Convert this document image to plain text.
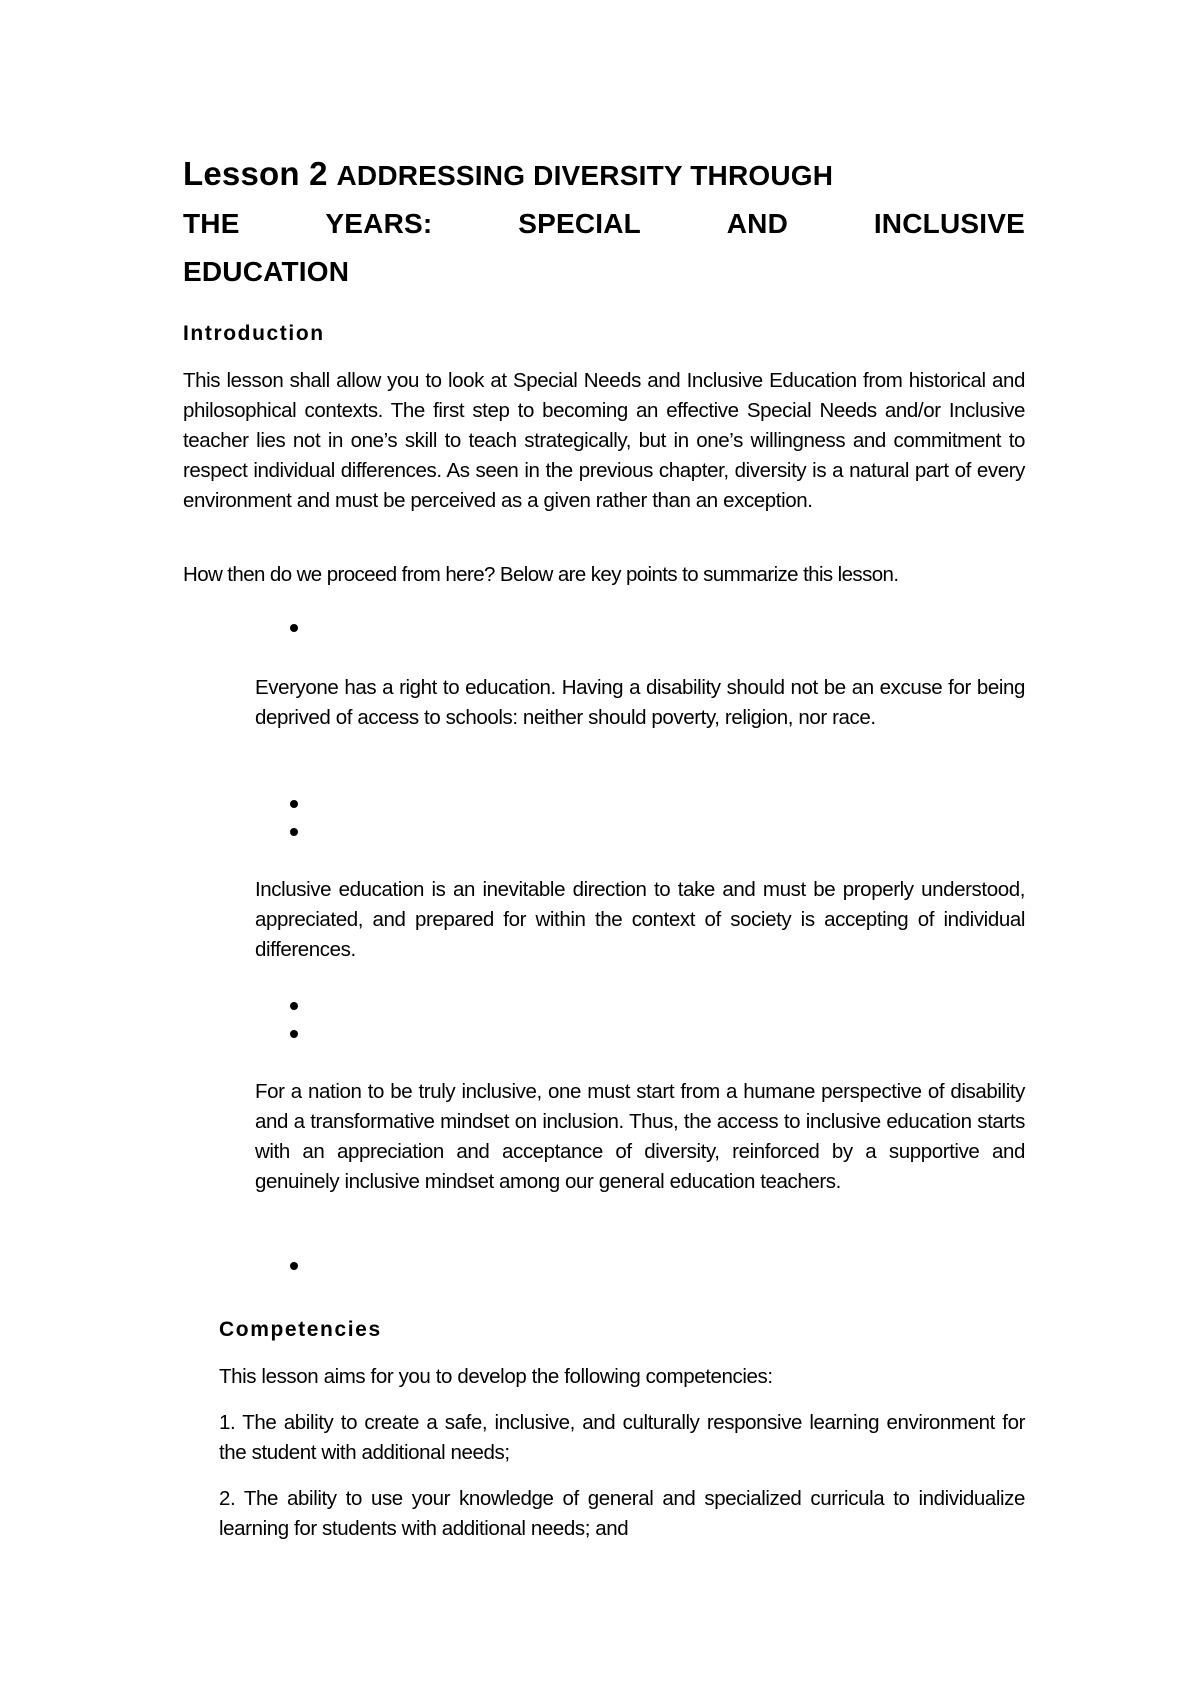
Lesson 2 ADDRESSING DIVERSITY THROUGH
THE	YEARS:	SPECIAL	AND	INCLUSIVE
EDUCATION
Introduction
This lesson shall allow you to look at Special Needs and Inclusive Education from historical and philosophical contexts. The first step to becoming an effective Special Needs and/or Inclusive teacher lies not in one’s skill to teach strategically, but in one’s willingness and commitment to respect individual differences. As seen in the previous chapter, diversity is a natural part of every environment and must be perceived as a given rather than an exception.
How then do we proceed from here? Below are key points to summarize this lesson.
Everyone has a right to education. Having a disability should not be an excuse for being deprived of access to schools: neither should poverty, religion, nor race.
Inclusive education is an inevitable direction to take and must be properly understood, appreciated, and prepared for within the context of society is accepting of individual differences.
For a nation to be truly inclusive, one must start from a humane perspective of disability and a transformative mindset on inclusion. Thus, the access to inclusive education starts with an appreciation and acceptance of diversity, reinforced by a supportive and genuinely inclusive mindset among our general education teachers.
Competencies
This lesson aims for you to develop the following competencies:
1. The ability to create a safe, inclusive, and culturally responsive learning environment for the student with additional needs;
2. The ability to use your knowledge of general and specialized curricula to individualize learning for students with additional needs; and
